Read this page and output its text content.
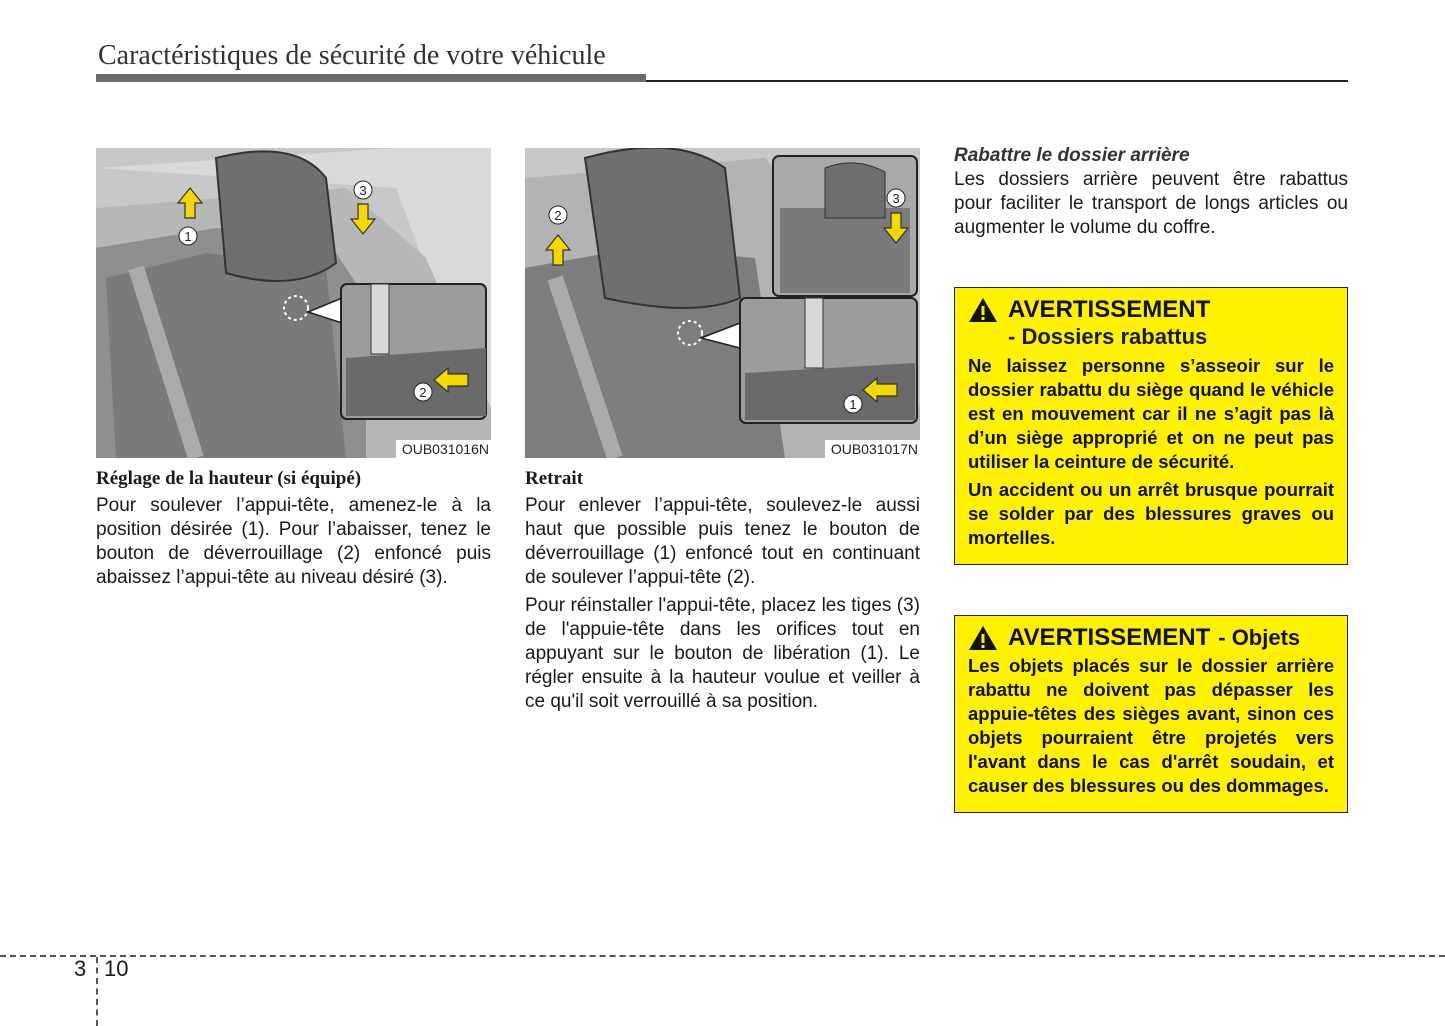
Caractéristiques de sécurité de votre véhicule
1
2
3
OUB031016N
1
2
3
OUB031017N

Réglage de la hauteur (si équipé)

Pour soulever l’appui-tête, amenez-le à la position désirée (1). Pour l’abaisser, tenez le bouton de déverrouillage (2) enfoncé puis abaissez l’appui-tête au niveau désiré (3).

Retrait

Pour enlever l’appui-tête, soulevez-le aussi haut que possible puis tenez le bouton de déverrouillage (1) enfoncé tout en continuant de soulever l’appui-tête (2).

Pour réinstaller l'appui-tête, placez les tiges (3) de l'appuie-tête dans les orifices tout en appuyant sur le bouton de libération (1). Le régler ensuite à la hauteur voulue et veiller à ce qu'il soit verrouillé à sa position.

Rabattre le dossier arrière

Les dossiers arrière peuvent être rabattus pour faciliter le transport de longs articles ou augmenter le volume du coffre.

AVERTISSEMENT
- Dossiers rabattus

Ne laissez personne s’asseoir sur le dossier rabattu du siège quand le véhicle est en mouvement car il ne s’agit pas là d’un siège approprié et on ne peut pas utiliser la ceinture de sécurité.

Un accident ou un arrêt brusque pourrait se solder par des blessures graves ou mortelles.

AVERTISSEMENT - Objets

Les objets placés sur le dossier arrière rabattu ne doivent pas dépasser les appuie-têtes des sièges avant, sinon ces objets pourraient être projetés vers l'avant dans le cas d'arrêt soudain, et causer des blessures ou des dommages.

3 10
